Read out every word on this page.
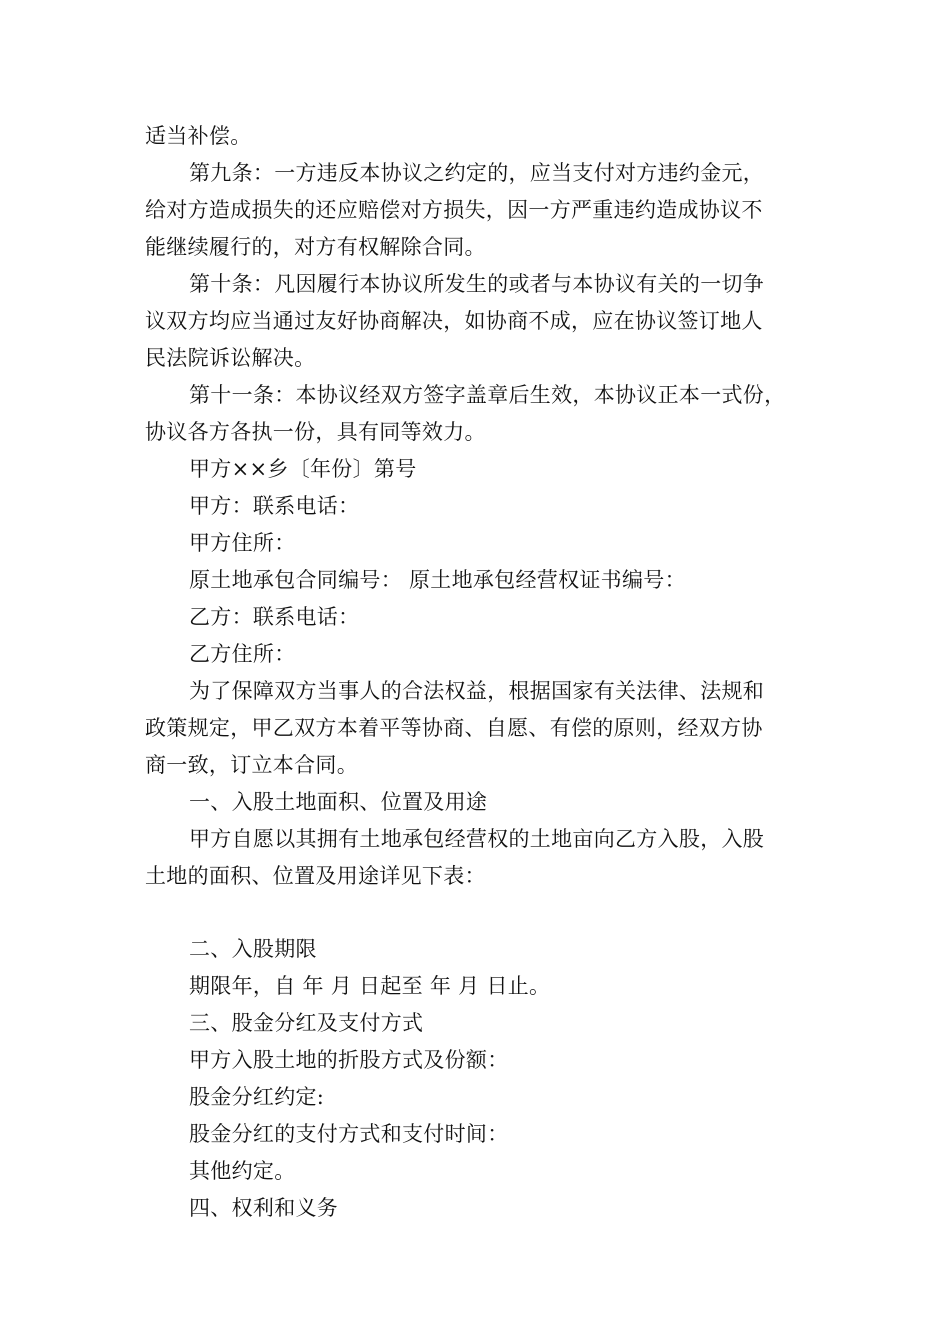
适当补偿。
第九条：一方违反本协议之约定的，应当支付对方违约金元，
给对方造成损失的还应赔偿对方损失，因一方严重违约造成协议不
能继续履行的，对方有权解除合同。
第十条：凡因履行本协议所发生的或者与本协议有关的一切争
议双方均应当通过友好协商解决，如协商不成，应在协议签订地人
民法院诉讼解决。
第十一条：本协议经双方签字盖章后生效，本协议正本一式份，
协议各方各执一份，具有同等效力。
甲方××乡〔年份〕第号
甲方：联系电话：
甲方住所：
原土地承包合同编号： 原土地承包经营权证书编号：
乙方：联系电话：
乙方住所：
为了保障双方当事人的合法权益，根据国家有关法律、法规和
政策规定，甲乙双方本着平等协商、自愿、有偿的原则，经双方协
商一致，订立本合同。
一、入股土地面积、位置及用途
甲方自愿以其拥有土地承包经营权的土地亩向乙方入股，入股
土地的面积、位置及用途详见下表：
二、入股期限
期限年，自 年 月 日起至 年 月 日止。
三、股金分红及支付方式
甲方入股土地的折股方式及份额：
股金分红约定:
股金分红的支付方式和支付时间：
其他约定。
四、权利和义务
